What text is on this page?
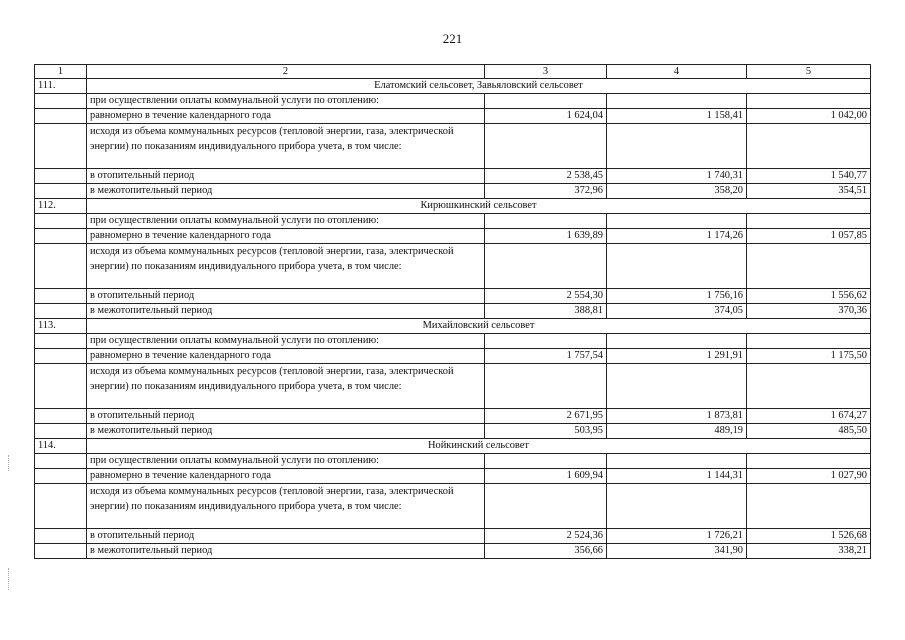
221
1	2	3	4	5
111.	Елатомский сельсовет, Завьяловский сельсовет			
	при осуществлении оплаты коммунальной услуги по отоплению:			
	равномерно в течение календарного года	1 624,04	1 158,41	1 042,00
	исходя из объема коммунальных ресурсов (тепловой энергии, газа, электрической энергии) по показаниям индивидуального прибора учета, в том числе:			
	в отопительный период	2 538,45	1 740,31	1 540,77
	в межотопительный период	372,96	358,20	354,51
112.	Кирюшкинский сельсовет			
	при осуществлении оплаты коммунальной услуги по отоплению:			
	равномерно в течение календарного года	1 639,89	1 174,26	1 057,85
	исходя из объема коммунальных ресурсов (тепловой энергии, газа, электрической энергии) по показаниям индивидуального прибора учета, в том числе:			
	в отопительный период	2 554,30	1 756,16	1 556,62
	в межотопительный период	388,81	374,05	370,36
113.	Михайловский сельсовет			
	при осуществлении оплаты коммунальной услуги по отоплению:			
	равномерно в течение календарного года	1 757,54	1 291,91	1 175,50
	исходя из объема коммунальных ресурсов (тепловой энергии, газа, электрической энергии) по показаниям индивидуального прибора учета, в том числе:			
	в отопительный период	2 671,95	1 873,81	1 674,27
	в межотопительный период	503,95	489,19	485,50
114.	Нойкинский сельсовет			
	при осуществлении оплаты коммунальной услуги по отоплению:			
	равномерно в течение календарного года	1 609,94	1 144,31	1 027,90
	исходя из объема коммунальных ресурсов (тепловой энергии, газа, электрической энергии) по показаниям индивидуального прибора учета, в том числе:			
	в отопительный период	2 524,36	1 726,21	1 526,68
	в межотопительный период	356,66	341,90	338,21
